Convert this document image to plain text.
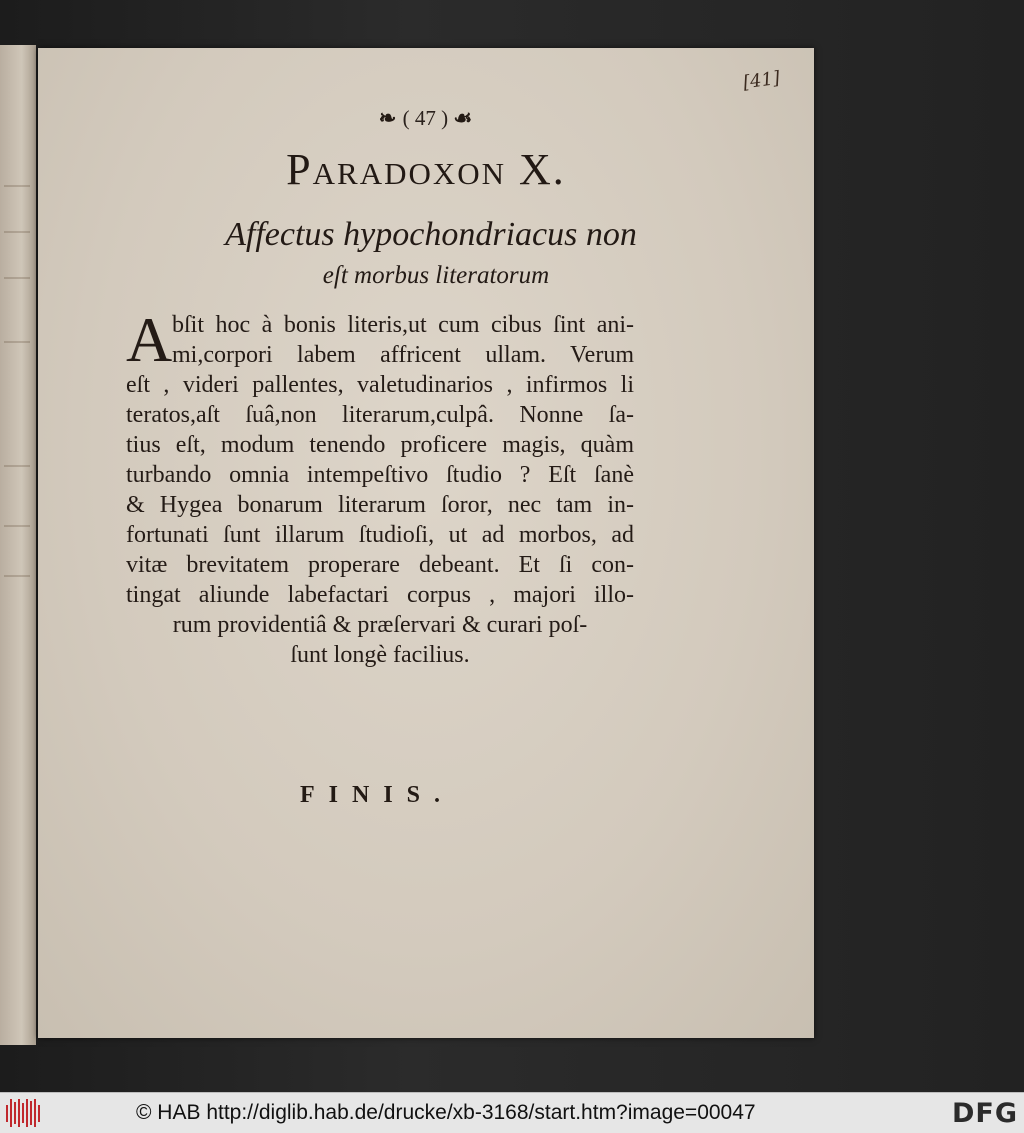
[41]
❧ ( 47 ) ☙
Paradoxon X.
Affectus hypochondriacus non
eſt morbus literatorum
A bſit hoc à bonis literis,ut cum cibus ſint ani-
mi,corpori labem affricent ullam. Verum
eſt , videri pallentes, valetudinarios , infirmos li
teratos,aſt ſuâ,non literarum,culpâ. Nonne ſa-
tius eſt, modum tenendo proficere magis, quàm
turbando omnia intempeſtivo ſtudio ? Eſt ſanè
& Hygea bonarum literarum ſoror, nec tam in-
fortunati ſunt illarum ſtudioſi, ut ad morbos, ad
vitæ brevitatem properare debeant. Et ſi con-
tingat aliunde labefactari corpus , majori illo-
rum providentiâ & præſervari & curari poſ-
ſunt longè facilius.
FINIS.
© HAB http://diglib.hab.de/drucke/xb-3168/start.htm?image=00047	DFG
